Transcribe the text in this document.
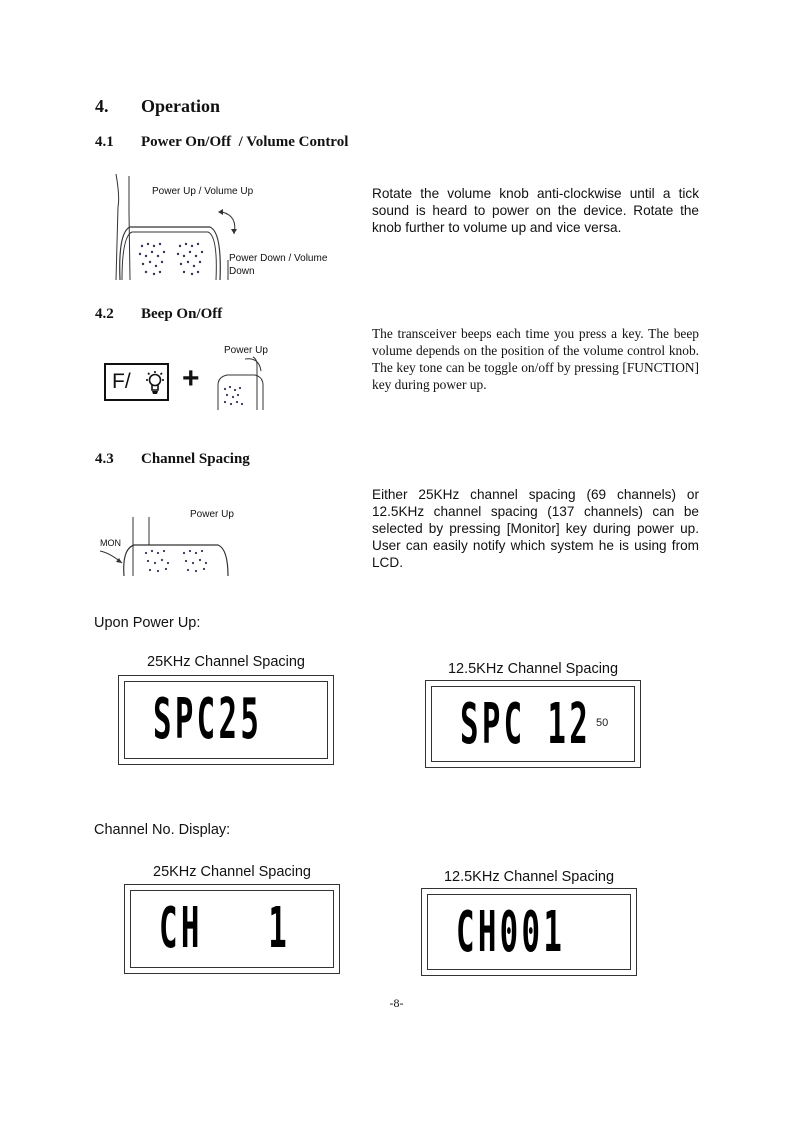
4. Operation
4.1 Power On/Off  / Volume Control
Power Up / Volume Up
Power Down / Volume Down
Rotate the volume knob anti-clockwise until a tick sound is heard to power on the device. Rotate the knob further to volume up and vice versa.
4.2 Beep On/Off
F/ +
Power Up
The transceiver beeps each time you press a key. The beep volume depends on the position of the volume control knob. The key tone can be toggle on/off by pressing [FUNCTION] key during power up.
4.3 Channel Spacing
Power Up
MON
Either 25KHz channel spacing (69 channels) or 12.5KHz channel spacing (137 channels) can be selected by pressing [Monitor] key during power up. User can easily notify which system he is using from LCD.
Upon Power Up:
25KHz Channel Spacing
SPC25
12.5KHz Channel Spacing
SPC 12 50
Channel No. Display:
25KHz Channel Spacing
CH   1
12.5KHz Channel Spacing
CH001
-8-
